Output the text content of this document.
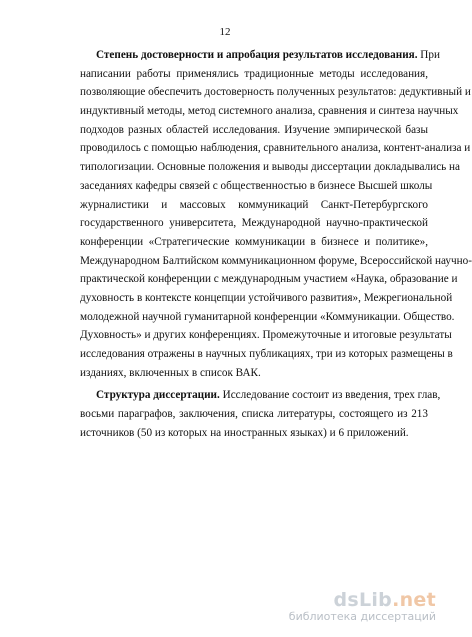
12
Степень достоверности и апробация результатов исследования. При
написании работы применялись традиционные методы исследования,
позволяющие обеспечить достоверность полученных результатов: дедуктивный и
индуктивный методы, метод системного анализа, сравнения и синтеза научных
подходов разных областей исследования. Изучение эмпирической базы
проводилось с помощью наблюдения, сравнительного анализа, контент-анализа и
типологизации. Основные положения и выводы диссертации докладывались на
заседаниях кафедры связей с общественностью в бизнесе Высшей школы
журналистики и массовых коммуникаций Санкт-Петербургского
государственного университета, Международной научно-практической
конференции «Стратегические коммуникации в бизнесе и политике»,
Международном Балтийском коммуникационном форуме, Всероссийской научно-
практической конференции с международным участием «Наука, образование и
духовность в контексте концепции устойчивого развития», Межрегиональной
молодежной научной гуманитарной конференции «Коммуникации. Общество.
Духовность» и других конференциях. Промежуточные и итоговые результаты
исследования отражены в научных публикациях, три из которых размещены в
изданиях, включенных в список ВАК.
Структура диссертации. Исследование состоит из введения, трех глав,
восьми параграфов, заключения, списка литературы, состоящего из 213
источников (50 из которых на иностранных языках) и 6 приложений.
dsLib.net
библиотека диссертаций
